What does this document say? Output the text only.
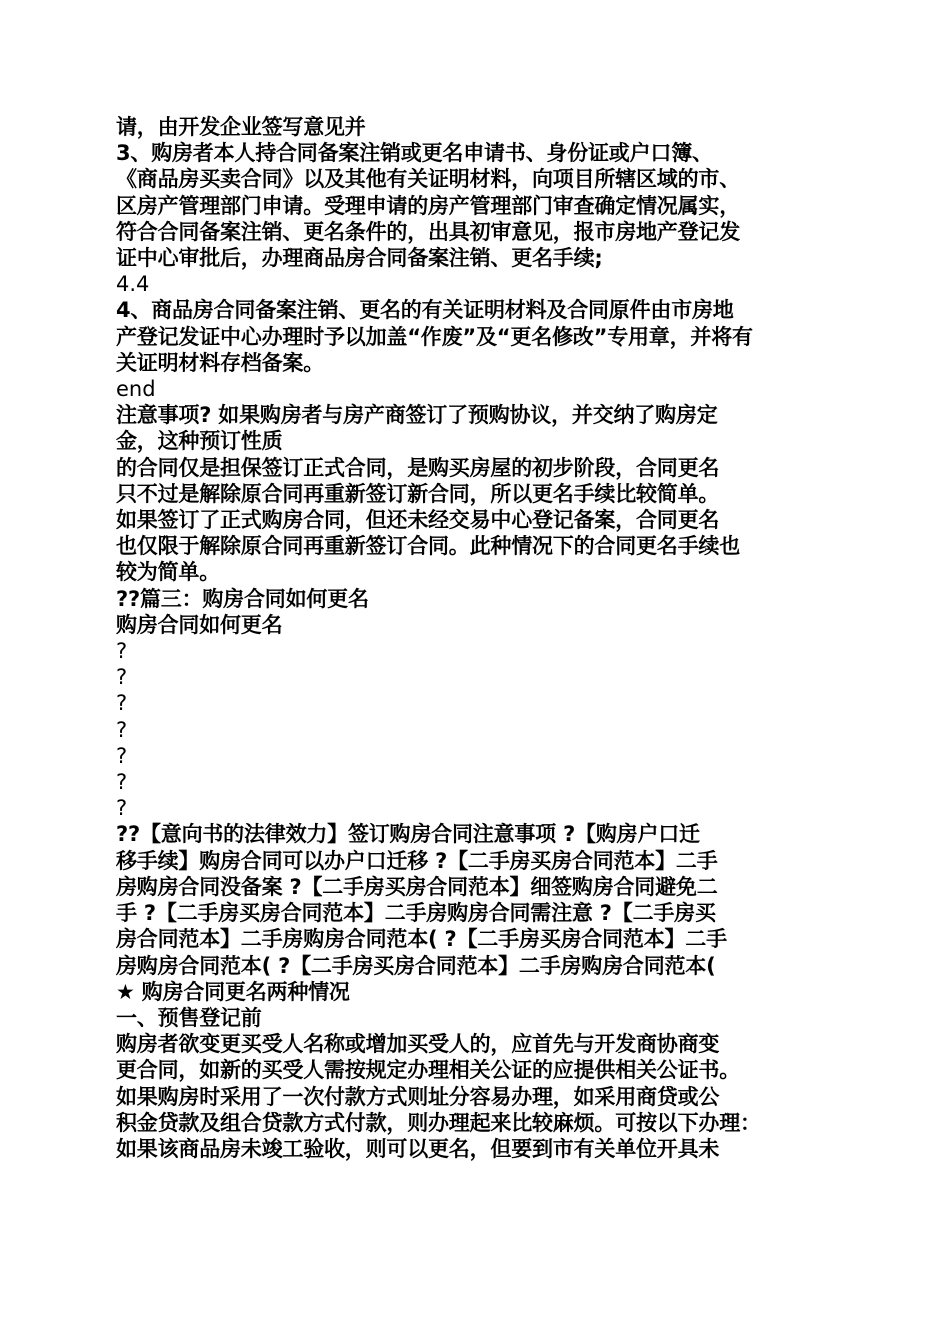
请，由开发企业签写意见并
3、购房者本人持合同备案注销或更名申请书、身份证或户口簿、
《商品房买卖合同》以及其他有关证明材料，向项目所辖区域的市、
区房产管理部门申请。受理申请的房产管理部门审查确定情况属实，
符合合同备案注销、更名条件的，出具初审意见，报市房地产登记发
证中心审批后，办理商品房合同备案注销、更名手续;
4.4
4、商品房合同备案注销、更名的有关证明材料及合同原件由市房地
产登记发证中心办理时予以加盖“作废”及“更名修改”专用章，并将有
关证明材料存档备案。
end
注意事项? 如果购房者与房产商签订了预购协议，并交纳了购房定
金，这种预订性质
的合同仅是担保签订正式合同，是购买房屋的初步阶段，合同更名
只不过是解除原合同再重新签订新合同，所以更名手续比较简单。
如果签订了正式购房合同，但还未经交易中心登记备案，合同更名
也仅限于解除原合同再重新签订合同。此种情况下的合同更名手续也
较为简单。
??篇三：购房合同如何更名
购房合同如何更名
?
?
?
?
?
?
?
??【意向书的法律效力】签订购房合同注意事项 ?【购房户口迁
移手续】购房合同可以办户口迁移 ?【二手房买房合同范本】二手
房购房合同没备案 ?【二手房买房合同范本】细签购房合同避免二
手 ?【二手房买房合同范本】二手房购房合同需注意 ?【二手房买
房合同范本】二手房购房合同范本( ?【二手房买房合同范本】二手
房购房合同范本( ?【二手房买房合同范本】二手房购房合同范本(
★ 购房合同更名两种情况
一、预售登记前
购房者欲变更买受人名称或增加买受人的，应首先与开发商协商变
更合同，如新的买受人需按规定办理相关公证的应提供相关公证书。
如果购房时采用了一次付款方式则址分容易办理，如采用商贷或公
积金贷款及组合贷款方式付款，则办理起来比较麻烦。可按以下办理：
如果该商品房未竣工验收，则可以更名，但要到市有关单位开具未
